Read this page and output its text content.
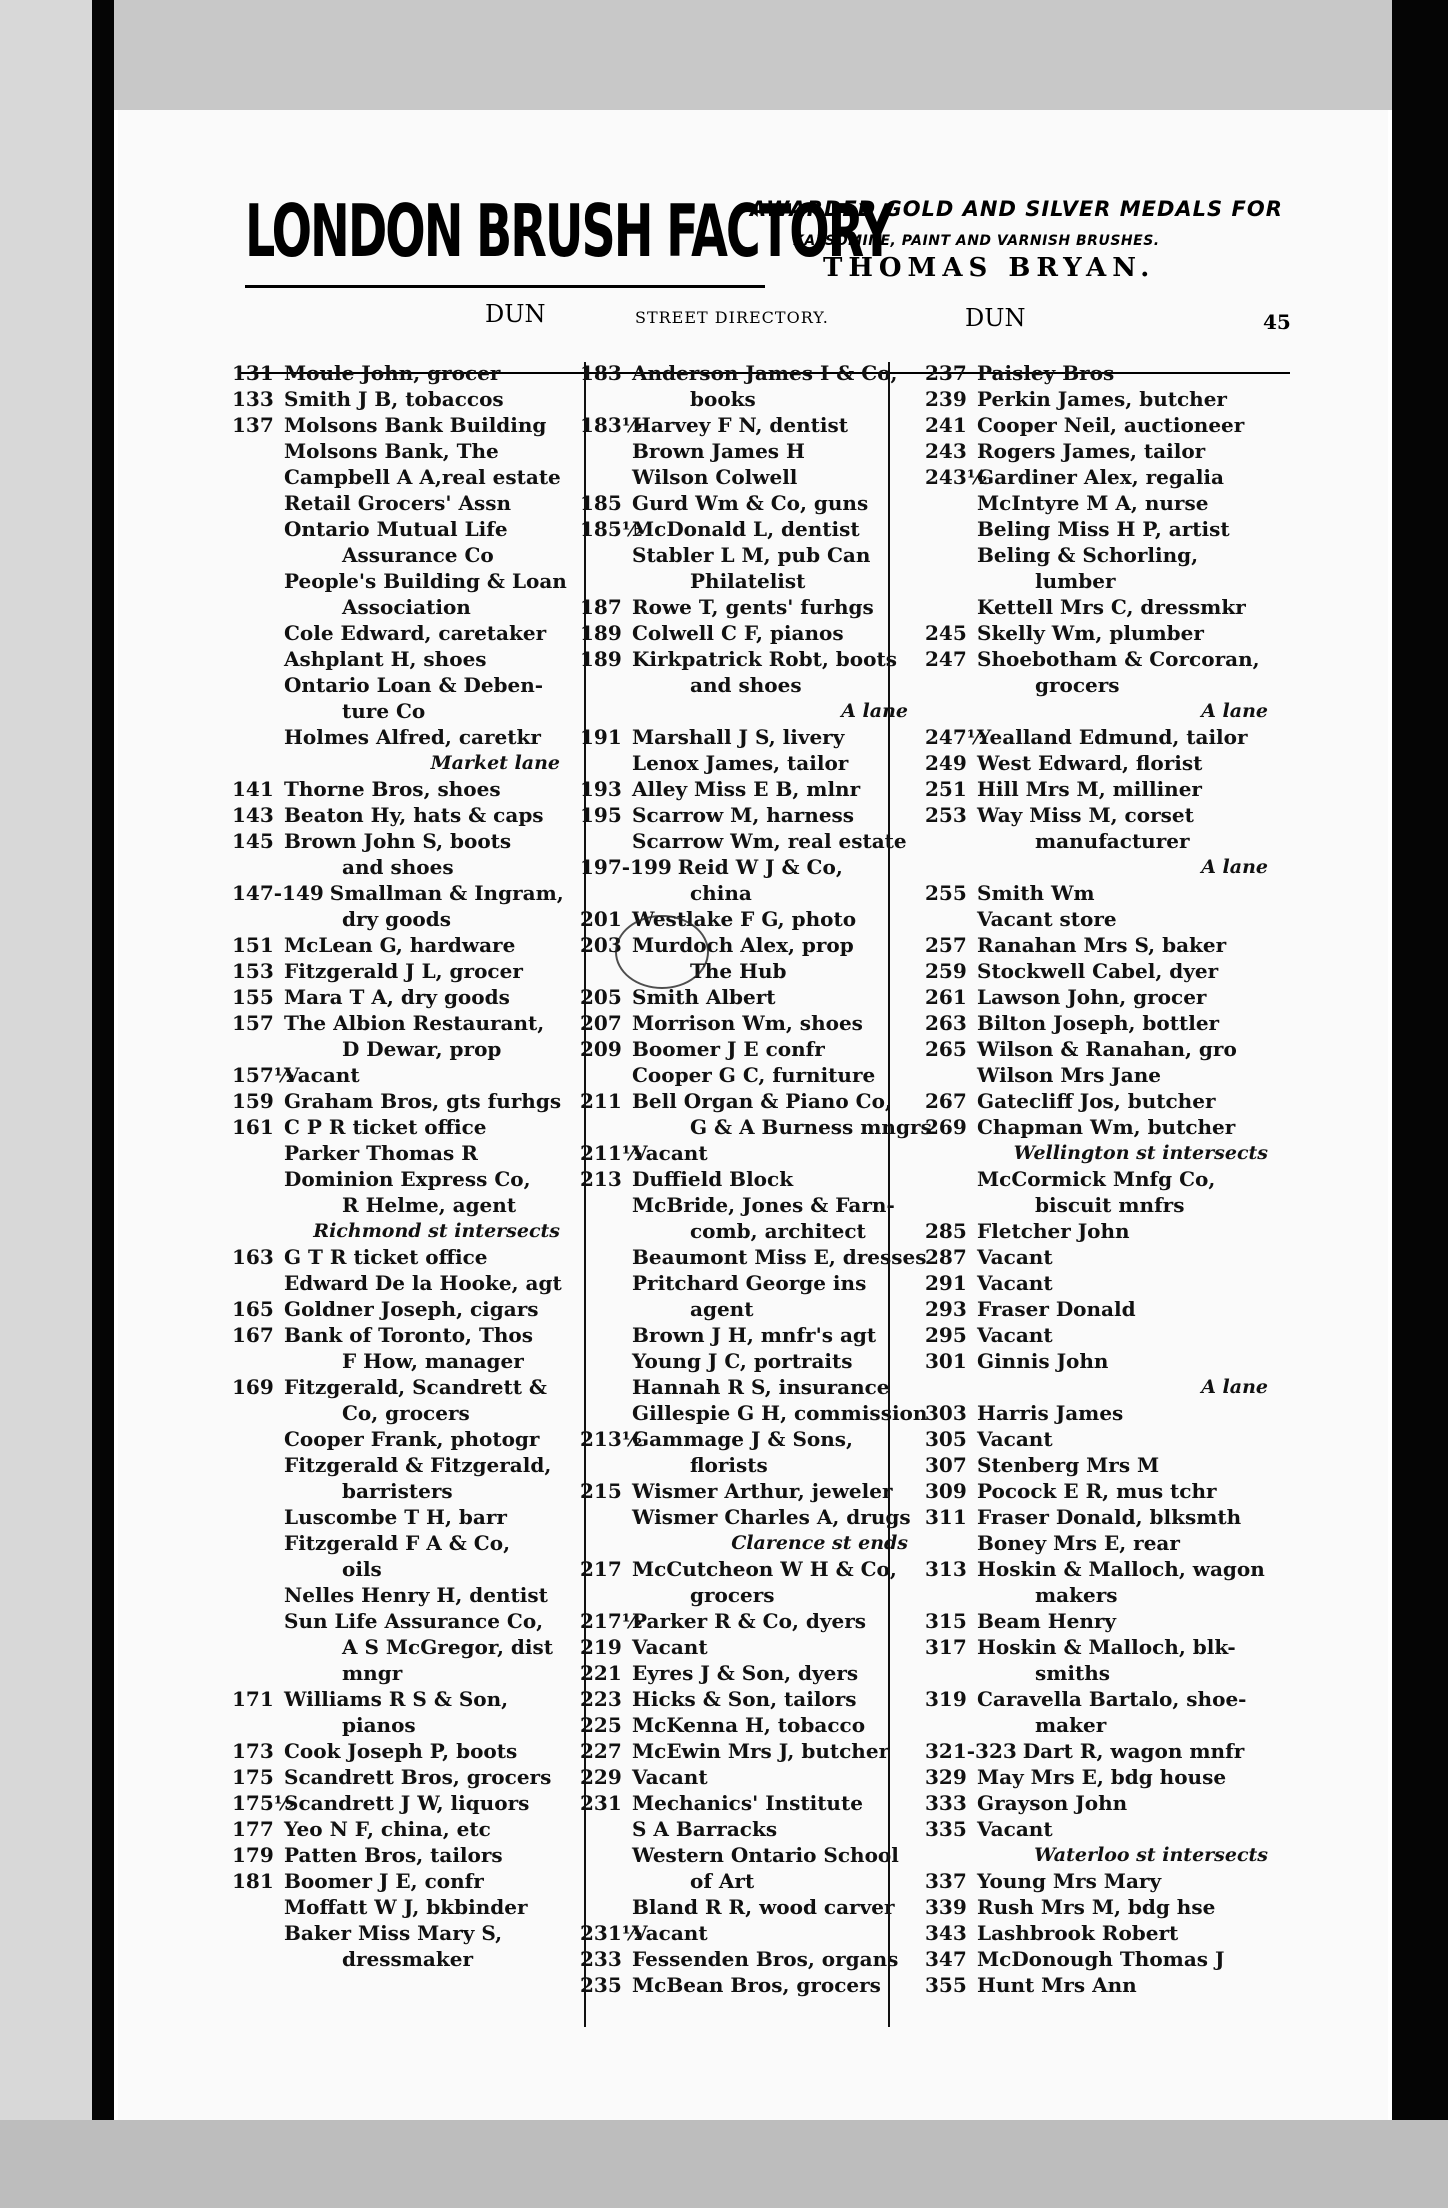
LONDON BRUSH FACTORY
AWARDED GOLD AND SILVER MEDALS FOR
KALSOMINE, PAINT AND VARNISH BRUSHES.
THOMAS BRYAN.
DUN	STREET DIRECTORY.	DUN	45
131 Moule John, grocer
133 Smith J B, tobaccos
137 Molsons Bank Building
Molsons Bank, The
Campbell A A,real estate
Retail Grocers' Assn
Ontario Mutual Life
Assurance Co
People's Building & Loan
Association
Cole Edward, caretaker
Ashplant H, shoes
Ontario Loan & Deben-
ture Co
Holmes Alfred, caretkr
Market lane
141 Thorne Bros, shoes
143 Beaton Hy, hats & caps
145 Brown John S, boots
and shoes
147-149 Smallman & Ingram,
dry goods
151 McLean G, hardware
153 Fitzgerald J L, grocer
155 Mara T A, dry goods
157 The Albion Restaurant,
D Dewar, prop
157½Vacant
159 Graham Bros, gts furhgs
161 C P R ticket office
Parker Thomas R
Dominion Express Co,
R Helme, agent
Richmond st intersects
163 G T R ticket office
Edward De la Hooke, agt
165 Goldner Joseph, cigars
167 Bank of Toronto, Thos
F How, manager
169 Fitzgerald, Scandrett &
Co, grocers
Cooper Frank, photogr
Fitzgerald & Fitzgerald,
barristers
Luscombe T H, barr
Fitzgerald F A & Co,
oils
Nelles Henry H, dentist
Sun Life Assurance Co,
A S McGregor, dist
mngr
171 Williams R S & Son,
pianos
173 Cook Joseph P, boots
175 Scandrett Bros, grocers
175½Scandrett J W, liquors
177 Yeo N F, china, etc
179 Patten Bros, tailors
181 Boomer J E, confr
Moffatt W J, bkbinder
Baker Miss Mary S,
dressmaker
183 Anderson James I & Co,
books
183½Harvey F N, dentist
Brown James H
Wilson Colwell
185 Gurd Wm & Co, guns
185½McDonald L, dentist
Stabler L M, pub Can
Philatelist
187 Rowe T, gents' furhgs
189 Colwell C F, pianos
189 Kirkpatrick Robt, boots
and shoes
A lane
191 Marshall J S, livery
Lenox James, tailor
193 Alley Miss E B, mlnr
195 Scarrow M, harness
Scarrow Wm, real estate
197-199 Reid W J & Co,
china
201 Westlake F G, photo
203 Murdoch Alex, prop
The Hub
205 Smith Albert
207 Morrison Wm, shoes
209 Boomer J E confr
Cooper G C, furniture
211 Bell Organ & Piano Co,
G & A Burness mngrs
211½Vacant
213 Duffield Block
McBride, Jones & Farn-
comb, architect
Beaumont Miss E, dresses
Pritchard George ins
agent
Brown J H, mnfr's agt
Young J C, portraits
Hannah R S, insurance
Gillespie G H, commission
213½Gammage J & Sons,
florists
215 Wismer Arthur, jeweler
Wismer Charles A, drugs
Clarence st ends
217 McCutcheon W H & Co,
grocers
217½Parker R & Co, dyers
219 Vacant
221 Eyres J & Son, dyers
223 Hicks & Son, tailors
225 McKenna H, tobacco
227 McEwin Mrs J, butcher
229 Vacant
231 Mechanics' Institute
S A Barracks
Western Ontario School
of Art
Bland R R, wood carver
231½Vacant
233 Fessenden Bros, organs
235 McBean Bros, grocers
237 Paisley Bros
239 Perkin James, butcher
241 Cooper Neil, auctioneer
243 Rogers James, tailor
243½Gardiner Alex, regalia
McIntyre M A, nurse
Beling Miss H P, artist
Beling & Schorling,
lumber
Kettell Mrs C, dressmkr
245 Skelly Wm, plumber
247 Shoebotham & Corcoran,
grocers
A lane
247½Yealland Edmund, tailor
249 West Edward, florist
251 Hill Mrs M, milliner
253 Way Miss M, corset
manufacturer
A lane
255 Smith Wm
Vacant store
257 Ranahan Mrs S, baker
259 Stockwell Cabel, dyer
261 Lawson John, grocer
263 Bilton Joseph, bottler
265 Wilson & Ranahan, gro
Wilson Mrs Jane
267 Gatecliff Jos, butcher
269 Chapman Wm, butcher
Wellington st intersects
McCormick Mnfg Co,
biscuit mnfrs
285 Fletcher John
287 Vacant
291 Vacant
293 Fraser Donald
295 Vacant
301 Ginnis John
A lane
303 Harris James
305 Vacant
307 Stenberg Mrs M
309 Pocock E R, mus tchr
311 Fraser Donald, blksmth
Boney Mrs E, rear
313 Hoskin & Malloch, wagon
makers
315 Beam Henry
317 Hoskin & Malloch, blk-
smiths
319 Caravella Bartalo, shoe-
maker
321-323 Dart R, wagon mnfr
329 May Mrs E, bdg house
333 Grayson John
335 Vacant
Waterloo st intersects
337 Young Mrs Mary
339 Rush Mrs M, bdg hse
343 Lashbrook Robert
347 McDonough Thomas J
355 Hunt Mrs Ann
